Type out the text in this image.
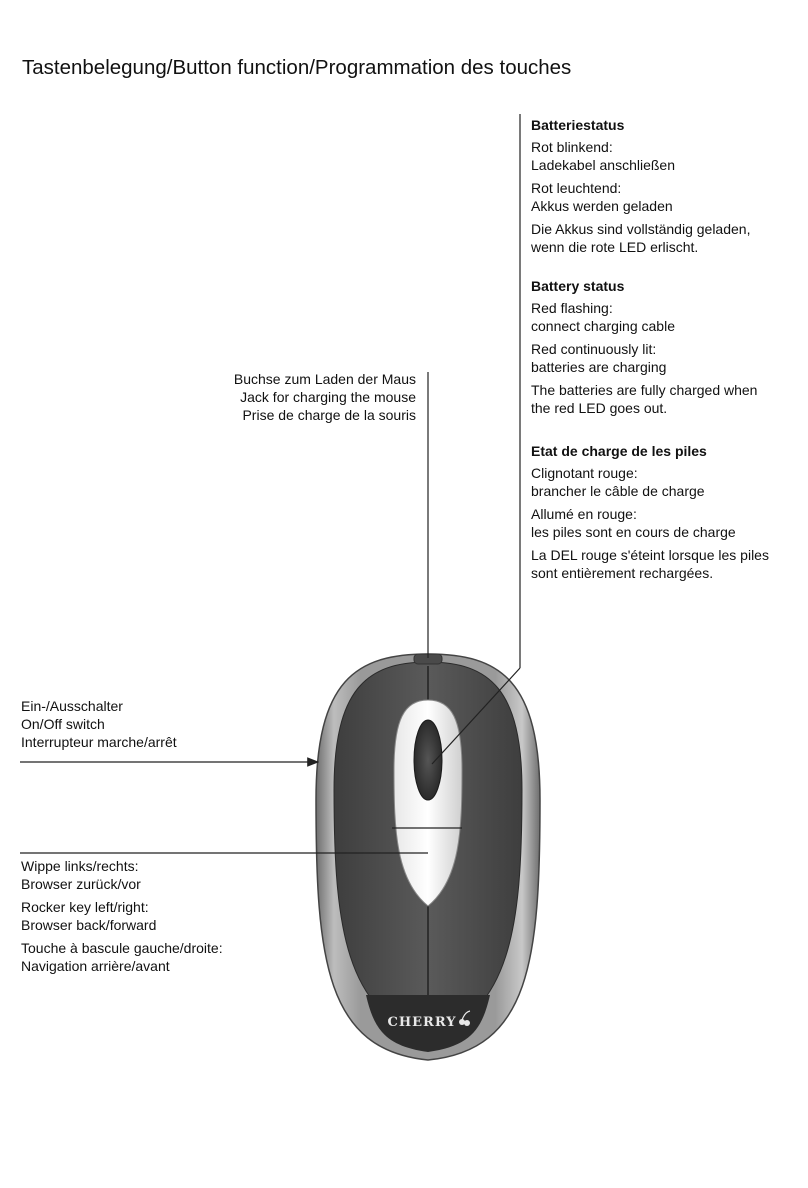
Tastenbelegung/Button function/Programmation des touches
Batteriestatus
Rot blinkend:
Ladekabel anschließen
Rot leuchtend:
Akkus werden geladen
Die Akkus sind vollständig geladen,
wenn die rote LED erlischt.
Battery status
Red flashing:
connect charging cable
Red continuously lit:
batteries are charging
The batteries are fully charged when
the red LED goes out.
Etat de charge de les piles
Clignotant rouge:
brancher le câble de charge
Allumé en rouge:
les piles sont en cours de charge
La DEL rouge s'éteint lorsque les piles
sont entièrement rechargées.
Buchse zum Laden der Maus
Jack for charging the mouse
Prise de charge de la souris
Ein-/Ausschalter
On/Off switch
Interrupteur marche/arrêt
Wippe links/rechts:
Browser zurück/vor
Rocker key left/right:
Browser back/forward
Touche à bascule gauche/droite:
Navigation arrière/avant
CHERRY
